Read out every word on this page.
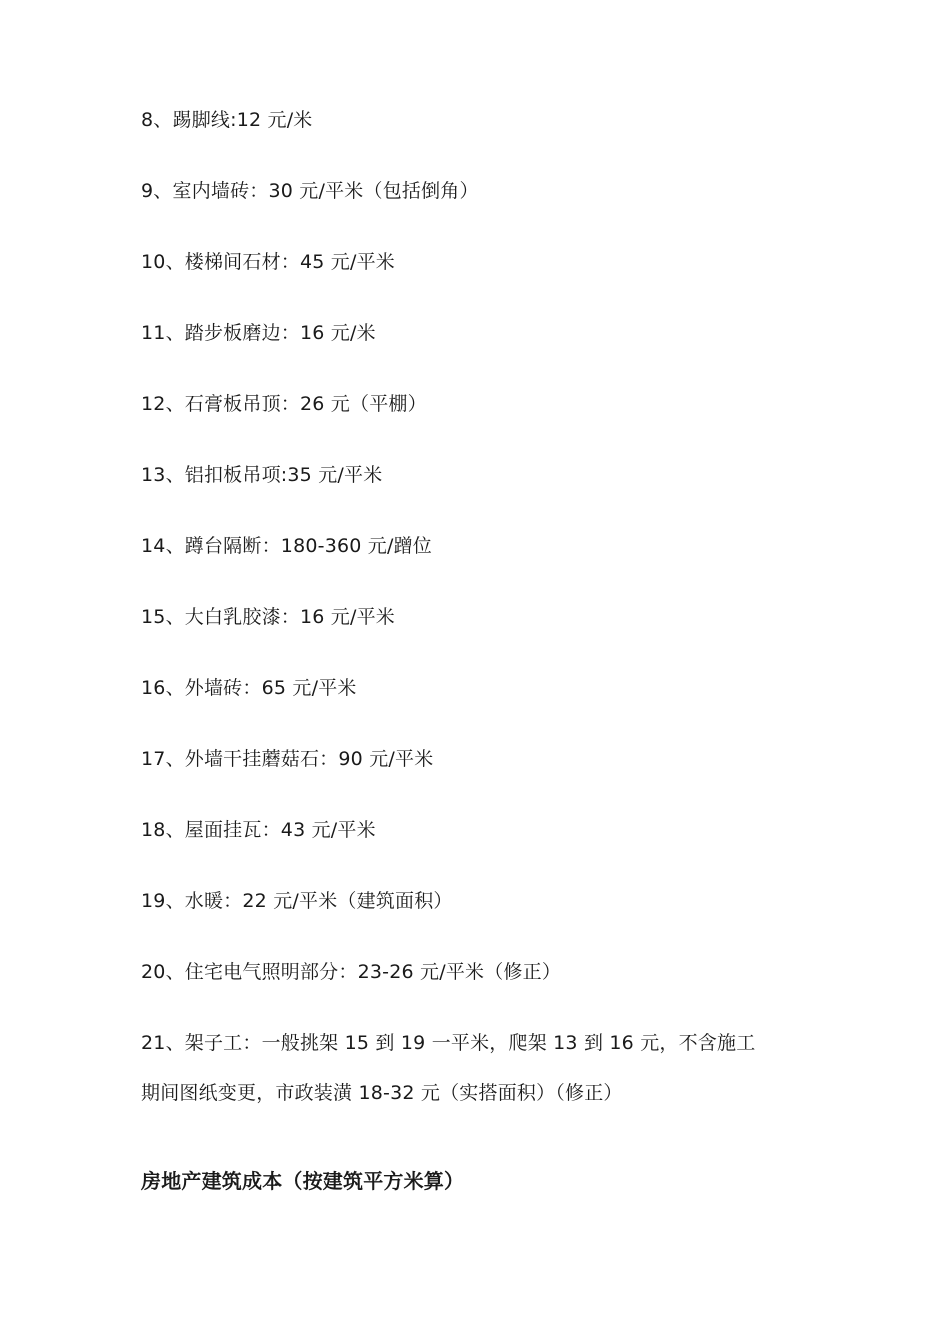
8、踢脚线:12 元/米
9、室内墙砖：30 元/平米（包括倒角）
10、楼梯间石材：45 元/平米
11、踏步板磨边：16 元/米
12、石膏板吊顶：26 元（平棚）
13、铝扣板吊项:35 元/平米
14、蹲台隔断：180-360 元/蹭位
15、大白乳胶漆：16 元/平米
16、外墙砖：65 元/平米
17、外墙干挂蘑菇石：90 元/平米
18、屋面挂瓦：43 元/平米
19、水暖：22 元/平米（建筑面积）
20、住宅电气照明部分：23-26 元/平米（修正）
21、架子工：一般挑架 15 到 19 一平米，爬架 13 到 16 元，不含施工
期间图纸变更，市政装潢 18-32 元（实搭面积）（修正）
房地产建筑成本（按建筑平方米算）
